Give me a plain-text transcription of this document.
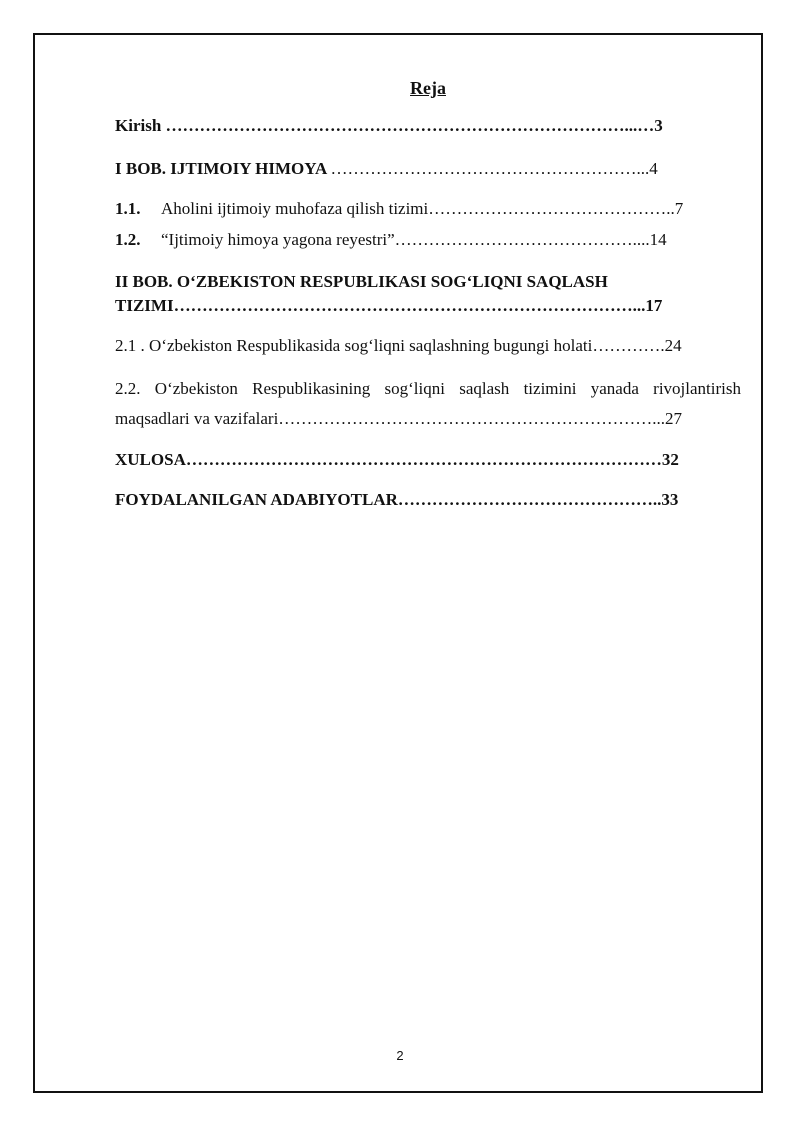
Reja
Kirish ………………………………………………………………………...…3
I BOB. IJTIMOIY HIMOYA ………………………………………………...4
1.1. Aholini ijtimoiy muhofaza qilish tizimi……………………………………..7
1.2. “Ijtimoiy himoya yagona reyestri”……………………………………....14
II BOB. O‘ZBEKISTON RESPUBLIKASI SOG‘LIQNI SAQLASH
TIZIMI………………………………………………………………………...17
2.1 . O‘zbekiston Respublikasida sog‘liqni saqlashning bugungi holati………….24
2.2. O‘zbekiston Respublikasining sog‘liqni saqlash tizimini yanada rivojlantirish
maqsadlari va vazifalari…………………………………………………………...27
XULOSA…………………………………………………………………………32
FOYDALANILGAN ADABIYOTLAR………………………………………..33
2
